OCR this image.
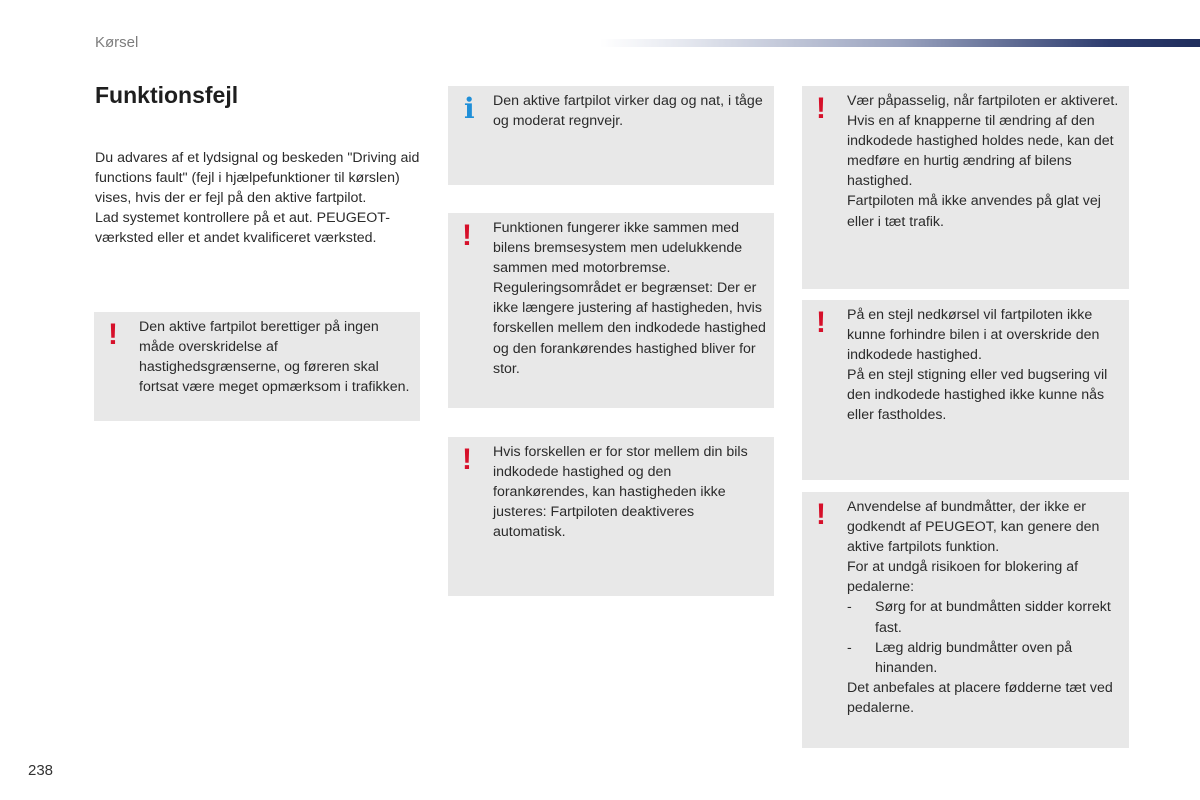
Kørsel
Funktionsfejl

Du advares af et lydsignal og beskeden "Driving aid functions fault" (fejl i hjælpefunktioner til kørslen) vises, hvis der er fejl på den aktive fartpilot.

Lad systemet kontrollere på et aut. PEUGEOT-værksted eller et andet kvalificeret værksted.

! Den aktive fartpilot berettiger på ingen måde overskridelse af hastighedsgrænserne, og føreren skal fortsat være meget opmærksom i trafikken.

i Den aktive fartpilot virker dag og nat, i tåge og moderat regnvejr.

! Funktionen fungerer ikke sammen med bilens bremsesystem men udelukkende sammen med motorbremse.

Reguleringsområdet er begrænset: Der er ikke længere justering af hastigheden, hvis forskellen mellem den indkodede hastighed og den forankørendes hastighed bliver for stor.

! Hvis forskellen er for stor mellem din bils indkodede hastighed og den forankørendes, kan hastigheden ikke justeres: Fartpiloten deaktiveres automatisk.

! Vær påpasselig, når fartpiloten er aktiveret. Hvis en af knapperne til ændring af den indkodede hastighed holdes nede, kan det medføre en hurtig ændring af bilens hastighed.

Fartpiloten må ikke anvendes på glat vej eller i tæt trafik.

! På en stejl nedkørsel vil fartpiloten ikke kunne forhindre bilen i at overskride den indkodede hastighed.

På en stejl stigning eller ved bugsering vil den indkodede hastighed ikke kunne nås eller fastholdes.

! Anvendelse af bundmåtter, der ikke er godkendt af PEUGEOT, kan genere den aktive fartpilots funktion.

For at undgå risikoen for blokering af pedalerne:

- Sørg for at bundmåtten sidder korrekt fast.
- Læg aldrig bundmåtter oven på hinanden.

Det anbefales at placere fødderne tæt ved pedalerne.

238
